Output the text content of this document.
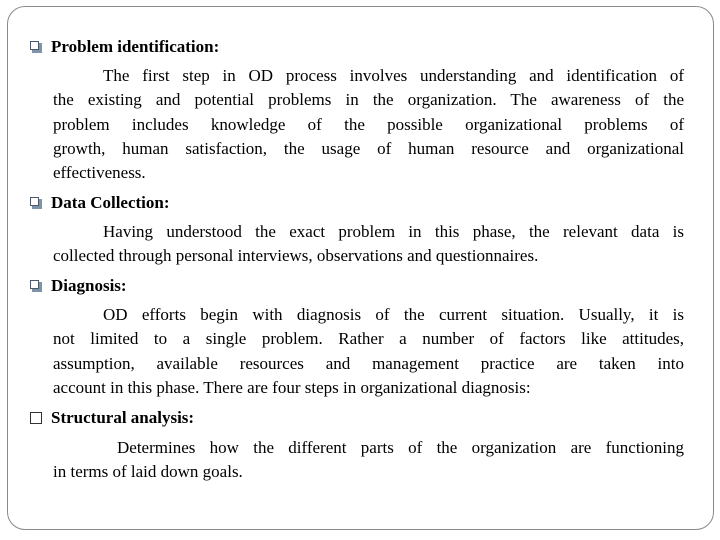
Problem identification:
The first step in OD process involves understanding and identification of
the existing and potential problems in the organization. The awareness of the
problem includes knowledge of the possible organizational problems of
growth, human satisfaction, the usage of human resource and organizational
effectiveness.
Data Collection:
Having understood the exact problem in this phase, the relevant data is
collected through personal interviews, observations and questionnaires.
Diagnosis:
OD efforts begin with diagnosis of the current situation. Usually, it is
not limited to a single problem. Rather a number of factors like attitudes,
assumption, available resources and management practice are taken into
account in this phase. There are four steps in organizational diagnosis:
Structural analysis:
Determines how the different parts of the organization are functioning
in terms of laid down goals.
